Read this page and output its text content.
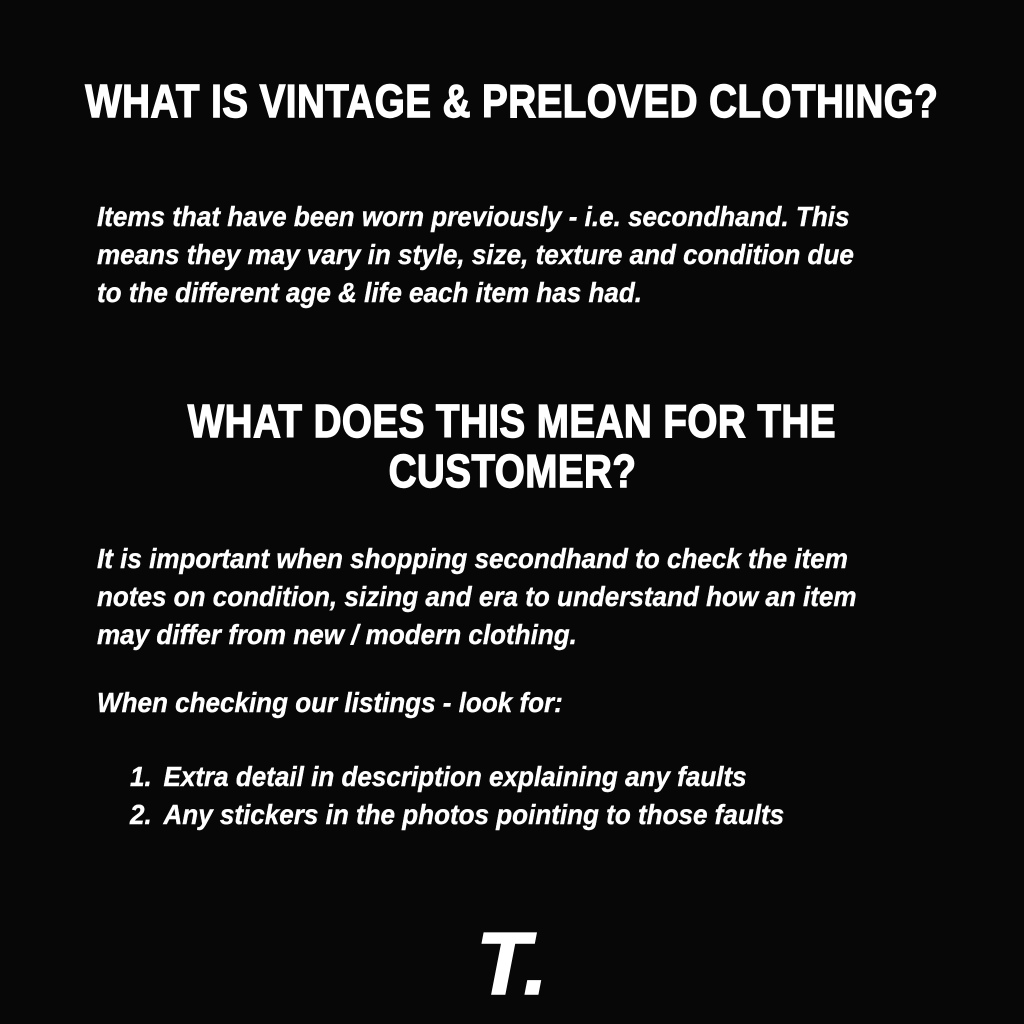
WHAT IS VINTAGE & PRELOVED CLOTHING?
Items that have been worn previously - i.e. secondhand. This
means they may vary in style, size, texture and condition due
to the different age & life each item has had.
WHAT DOES THIS MEAN FOR THE
CUSTOMER?
It is important when shopping secondhand to check the item
notes on condition, sizing and era to understand how an item
may differ from new / modern clothing.
When checking our listings - look for:
1. Extra detail in description explaining any faults
2. Any stickers in the photos pointing to those faults
T.
